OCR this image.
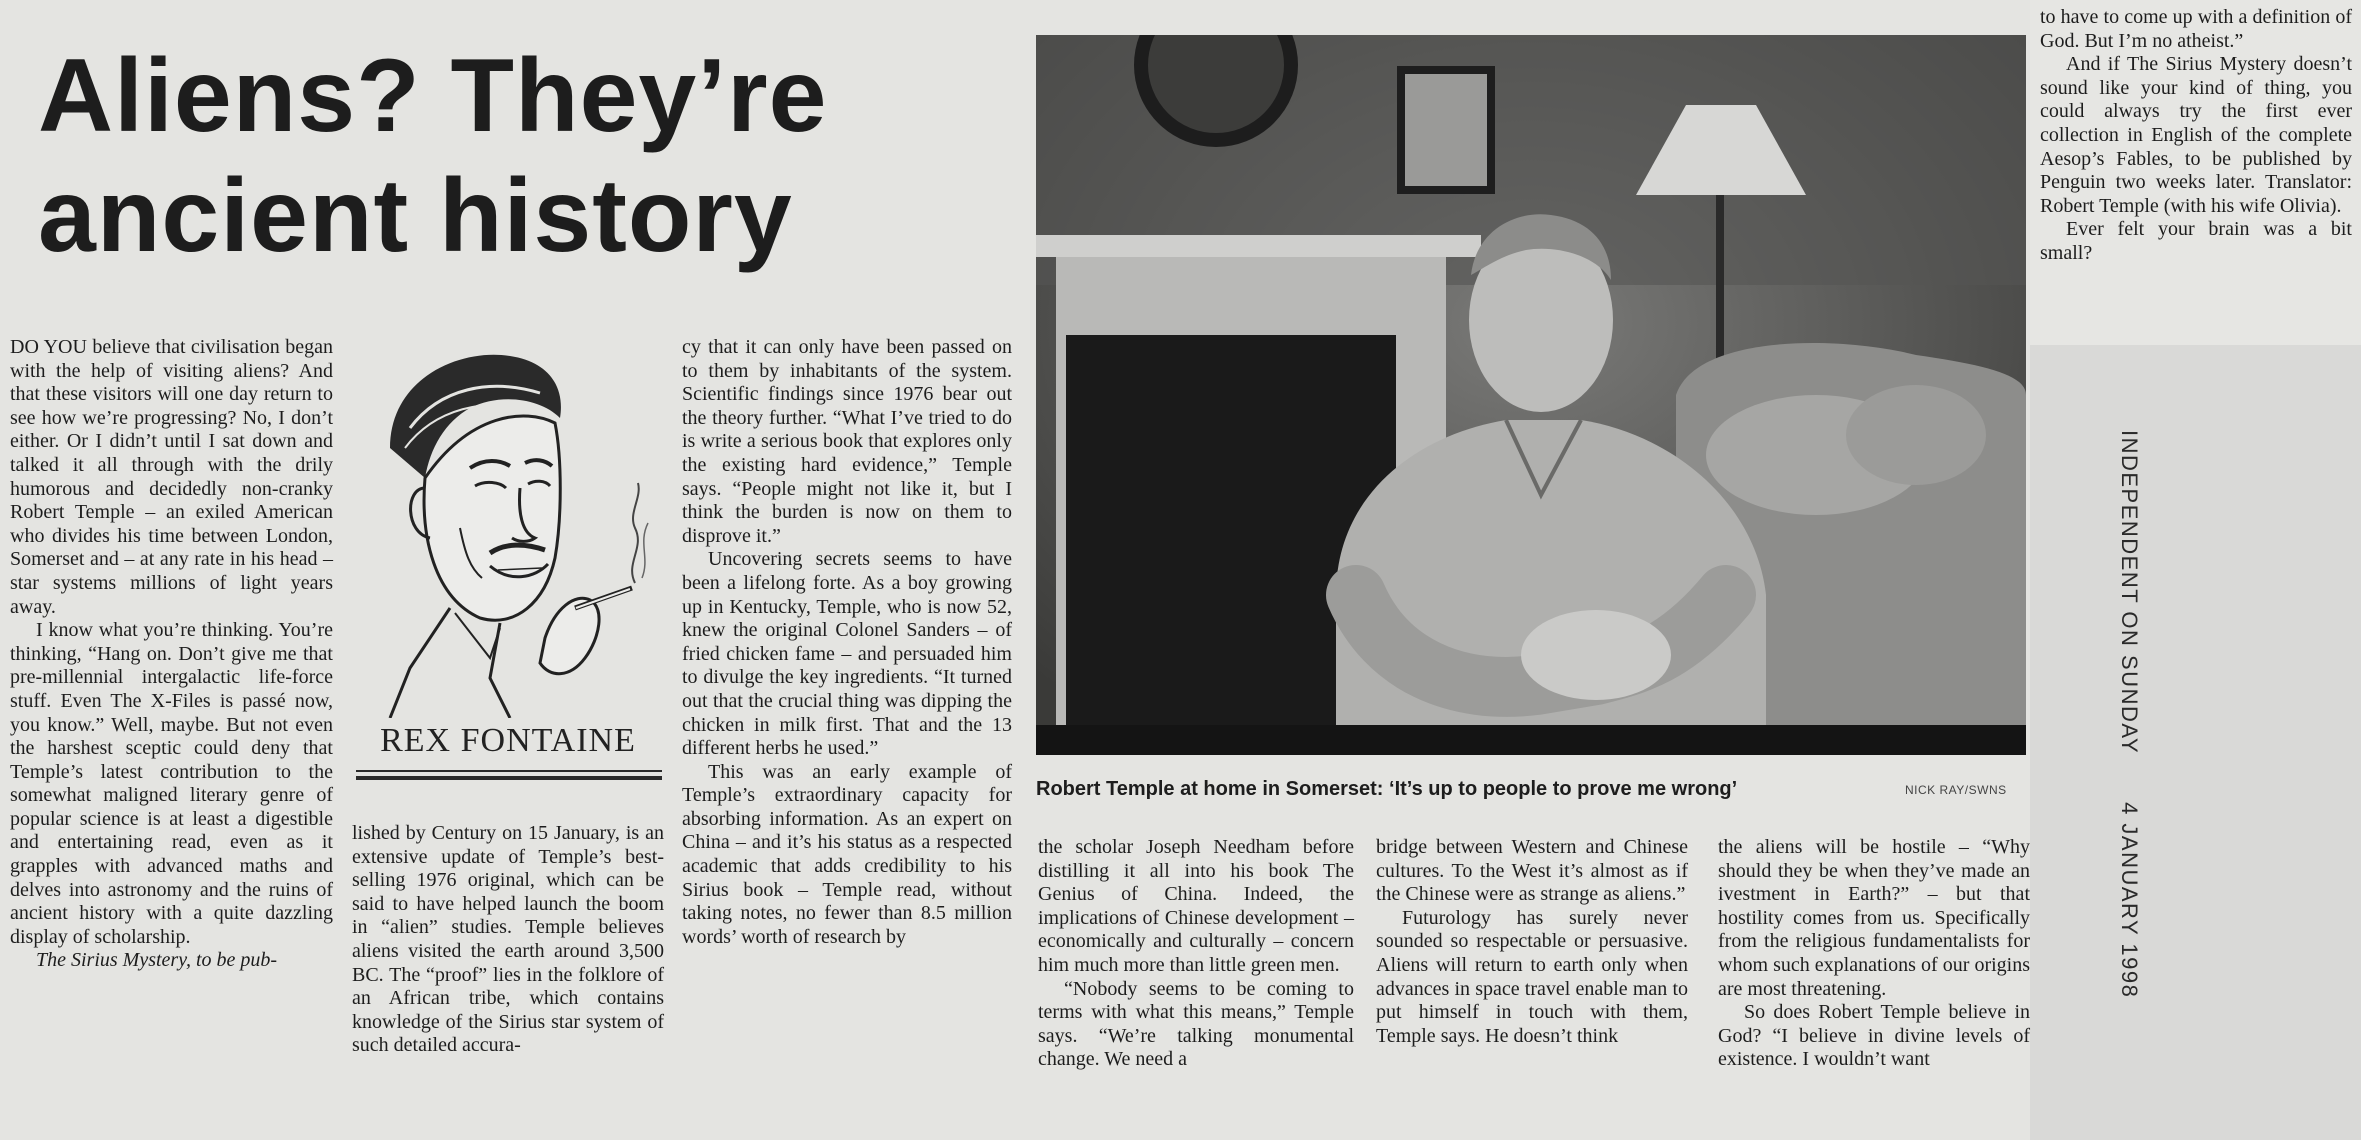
Aliens? They’re
ancient history

DO YOU believe that civilisation began with the help of visiting aliens? And that these visitors will one day return to see how we’re progressing? No, I don’t either. Or I didn’t until I sat down and talked it all through with the drily humorous and decidedly non-cranky Robert Temple – an exiled American who divides his time between London, Somerset and – at any rate in his head – star systems millions of light years away.

I know what you’re thinking. You’re thinking, “Hang on. Don’t give me that pre-millennial intergalactic life-force stuff. Even The X-Files is passé now, you know.” Well, maybe. But not even the harshest sceptic could deny that Temple’s latest contribution to the somewhat maligned literary genre of popular science is at least a digestible and entertaining read, even as it grapples with advanced maths and delves into astronomy and the ruins of ancient history with a quite dazzling display of scholarship.

The Sirius Mystery, to be pub-

REX FONTAINE

lished by Century on 15 January, is an extensive update of Temple’s best-selling 1976 original, which can be said to have helped launch the boom in “alien” studies. Temple believes aliens visited the earth around 3,500 BC. The “proof” lies in the folklore of an African tribe, which contains knowledge of the Sirius star system of such detailed accura-

cy that it can only have been passed on to them by inhabitants of the system. Scientific findings since 1976 bear out the theory further. “What I’ve tried to do is write a serious book that explores only the existing hard evidence,” Temple says. “People might not like it, but I think the burden is now on them to disprove it.”

Uncovering secrets seems to have been a lifelong forte. As a boy growing up in Kentucky, Temple, who is now 52, knew the original Colonel Sanders – of fried chicken fame – and persuaded him to divulge the key ingredients. “It turned out that the crucial thing was dipping the chicken in milk first. That and the 13 different herbs he used.”

This was an early example of Temple’s extraordinary capacity for absorbing information. As an expert on China – and it’s his status as a respected academic that adds credibility to his Sirius book – Temple read, without taking notes, no fewer than 8.5 million words’ worth of research by

Robert Temple at home in Somerset: ‘It’s up to people to prove me wrong’	NICK RAY/SWNS

the scholar Joseph Needham before distilling it all into his book The Genius of China. Indeed, the implications of Chinese development – economically and culturally – concern him much more than little green men.

“Nobody seems to be coming to terms with what this means,” Temple says. “We’re talking monumental change. We need a

bridge between Western and Chinese cultures. To the West it’s almost as if the Chinese were as strange as aliens.”

Futurology has surely never sounded so respectable or persuasive. Aliens will return to earth only when advances in space travel enable man to put himself in touch with them, Temple says. He doesn’t think

the aliens will be hostile – “Why should they be when they’ve made an ivestment in Earth?” – but that hostility comes from us. Specifically from the religious fundamentalists for whom such explanations of our origins are most threatening.

So does Robert Temple believe in God? “I believe in divine levels of existence. I wouldn’t want

to have to come up with a definition of God. But I’m no atheist.”

And if The Sirius Mystery doesn’t sound like your kind of thing, you could always try the first ever collection in English of the complete Aesop’s Fables, to be published by Penguin two weeks later. Translator: Robert Temple (with his wife Olivia).

Ever felt your brain was a bit small?

INDEPENDENT ON SUNDAY4 JANUARY 1998
